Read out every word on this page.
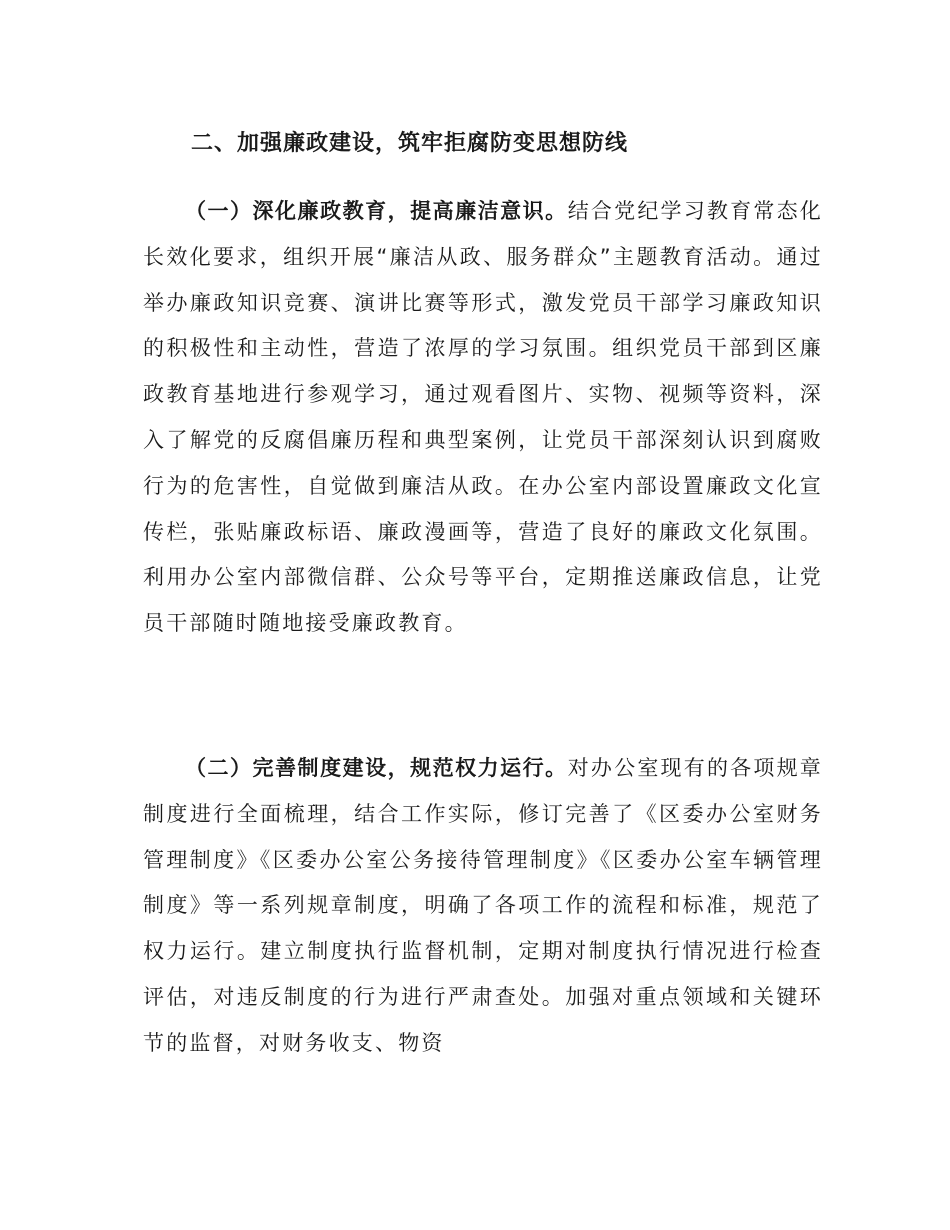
二、加强廉政建设，筑牢拒腐防变思想防线

（一）深化廉政教育，提高廉洁意识。结合党纪学习教育常态化长效化要求，组织开展“廉洁从政、服务群众”主题教育活动。通过举办廉政知识竞赛、演讲比赛等形式，激发党员干部学习廉政知识的积极性和主动性，营造了浓厚的学习氛围。组织党员干部到区廉政教育基地进行参观学习，通过观看图片、实物、视频等资料，深入了解党的反腐倡廉历程和典型案例，让党员干部深刻认识到腐败行为的危害性，自觉做到廉洁从政。在办公室内部设置廉政文化宣传栏，张贴廉政标语、廉政漫画等，营造了良好的廉政文化氛围。利用办公室内部微信群、公众号等平台，定期推送廉政信息，让党员干部随时随地接受廉政教育。

（二）完善制度建设，规范权力运行。对办公室现有的各项规章制度进行全面梳理，结合工作实际，修订完善了《区委办公室财务管理制度》《区委办公室公务接待管理制度》《区委办公室车辆管理制度》等一系列规章制度，明确了各项工作的流程和标准，规范了权力运行。建立制度执行监督机制，定期对制度执行情况进行检查评估，对违反制度的行为进行严肃查处。加强对重点领域和关键环节的监督，对财务收支、物资
